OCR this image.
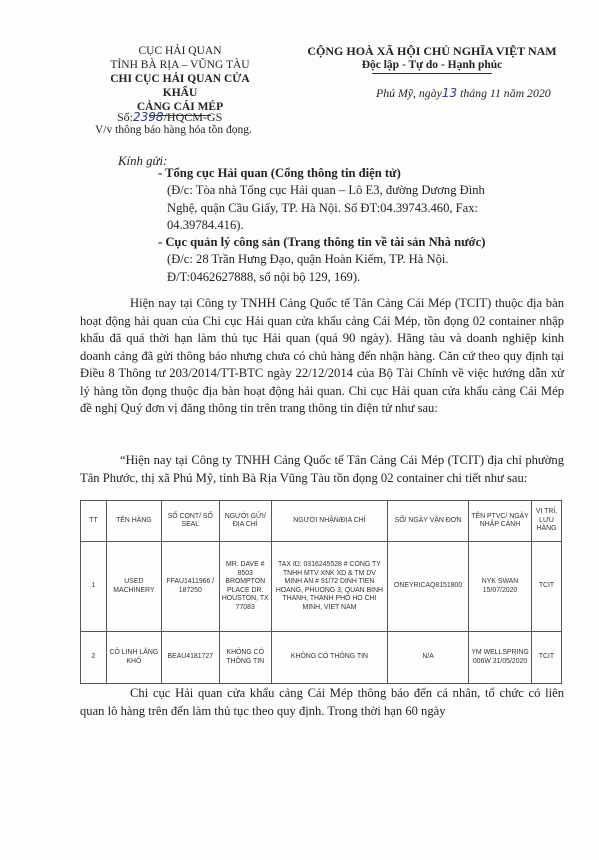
CỤC HẢI QUAN
TỈNH BÀ RỊA – VŨNG TÀU
CHI CỤC HẢI QUAN CỬA KHẨU
CẢNG CÁI MÉP
CỘNG HOÀ XÃ HỘI CHỦ NGHĨA VIỆT NAM
Độc lập - Tự do - Hạnh phúc
Phú Mỹ, ngày13 tháng 11 năm 2020
Số:2398/HQCM-GS
V/v thông báo hàng hóa tồn đọng.
Kính gửi:
- Tổng cục Hải quan (Cổng thông tin điện tử)
(Đ/c: Tòa nhà Tổng cục Hải quan – Lô E3, đường Dương Đình
Nghệ, quận Cầu Giấy, TP. Hà Nội. Số ĐT:04.39743.460, Fax:
04.39784.416).
- Cục quản lý công sản (Trang thông tin về tài sản Nhà nước)
(Đ/c: 28 Trần Hưng Đạo, quận Hoàn Kiếm, TP. Hà Nội.
Đ/T:0462627888, số nội bộ 129, 169).
Hiện nay tại Công ty TNHH Cảng Quốc tế Tân Cảng Cái Mép (TCIT) thuộc địa bàn hoạt động hải quan của Chi cục Hải quan cửa khẩu cảng Cái Mép, tồn đọng 02 container nhập khẩu đã quá thời hạn làm thủ tục Hải quan (quá 90 ngày). Hãng tàu và doanh nghiệp kinh doanh cảng đã gửi thông báo nhưng chưa có chủ hàng đến nhận hàng. Căn cứ theo quy định tại Điều 8 Thông tư 203/2014/TT-BTC ngày 22/12/2014 của Bộ Tài Chính về việc hướng dẫn xử lý hàng tồn đọng thuộc địa bàn hoạt động hải quan. Chi cục Hải quan cửa khẩu cảng Cái Mép đề nghị Quý đơn vị đăng thông tin trên trang thông tin điện tử như sau:
“Hiện nay tại Công ty TNHH Cảng Quốc tế Tân Cảng Cái Mép (TCIT) địa chỉ phường Tân Phước, thị xã Phú Mỹ, tỉnh Bà Rịa Vũng Tàu tồn đọng 02 container chi tiết như sau:
TT	TÊN HÀNG	SỐ CONT/ SỐ SEAL	NGƯỜI GỬI/ ĐỊA CHỈ	NGƯỜI NHẬN/ĐỊA CHỈ	SỐ/ NGÀY VẬN ĐƠN	TÊN PTVC/ NGÀY NHẬP CẢNH	VỊ TRÍ, LƯU HÀNG
1	USED MACHINERY	FFAU1411966 / 187250	MR. DAVE # 8503 BROMPTON PLACE DR. HOUSTON, TX 77083	TAX ID: 0316245528 # CONG TY TNHH MTV XNK XD & TM DV MINH AN # 91/72 DINH TIEN HOANG, PHUONG 3, QUAN BINH THANH, THANH PHO HO CHI MINH, VIET NAM	ONEYRICAQ8151800	NYK SWAN 15/07/2020	TCIT
2	CÔ LINH LĂNG KHÔ	BEAU4181727	KHÔNG CÓ THÔNG TIN	KHÔNG CÓ THÔNG TIN	N/A	YM WELLSPRING 006W 31/05/2020	TCIT
Chi cục Hải quan cửa khẩu cảng Cái Mép thông báo đến cá nhân, tổ chức có liên quan lô hàng trên đến làm thủ tục theo quy định. Trong thời hạn 60 ngày
